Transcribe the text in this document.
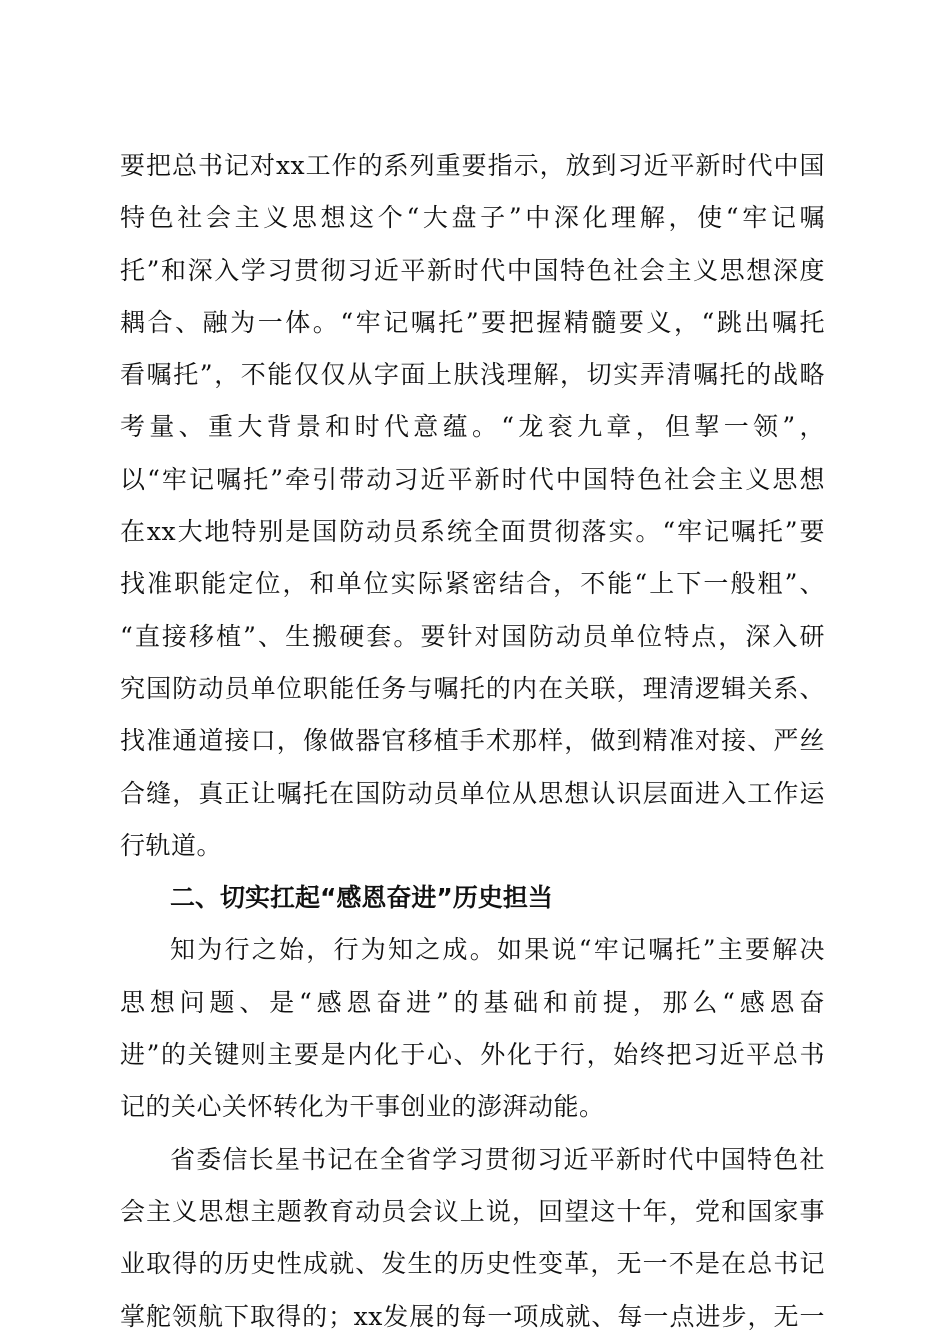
要把总书记对xx工作的系列重要指示，放到习近平新时代中国
特色社会主义思想这个“大盘子”中深化理解，使“牢记嘱
托”和深入学习贯彻习近平新时代中国特色社会主义思想深度
耦合、融为一体。“牢记嘱托”要把握精髓要义，“跳出嘱托
看嘱托”，不能仅仅从字面上肤浅理解，切实弄清嘱托的战略
考量、重大背景和时代意蕴。“龙衮九章，但挈一领”，
以“牢记嘱托”牵引带动习近平新时代中国特色社会主义思想
在xx大地特别是国防动员系统全面贯彻落实。“牢记嘱托”要
找准职能定位，和单位实际紧密结合，不能“上下一般粗”、
“直接移植”、生搬硬套。要针对国防动员单位特点，深入研
究国防动员单位职能任务与嘱托的内在关联，理清逻辑关系、
找准通道接口，像做器官移植手术那样，做到精准对接、严丝
合缝，真正让嘱托在国防动员单位从思想认识层面进入工作运
行轨道。
二、切实扛起“感恩奋进”历史担当
知为行之始，行为知之成。如果说“牢记嘱托”主要解决
思想问题、是“感恩奋进”的基础和前提，那么“感恩奋
进”的关键则主要是内化于心、外化于行，始终把习近平总书
记的关心关怀转化为干事创业的澎湃动能。
省委信长星书记在全省学习贯彻习近平新时代中国特色社
会主义思想主题教育动员会议上说，回望这十年，党和国家事
业取得的历史性成就、发生的历史性变革，无一不是在总书记
掌舵领航下取得的；xx发展的每一项成就、每一点进步，无一
